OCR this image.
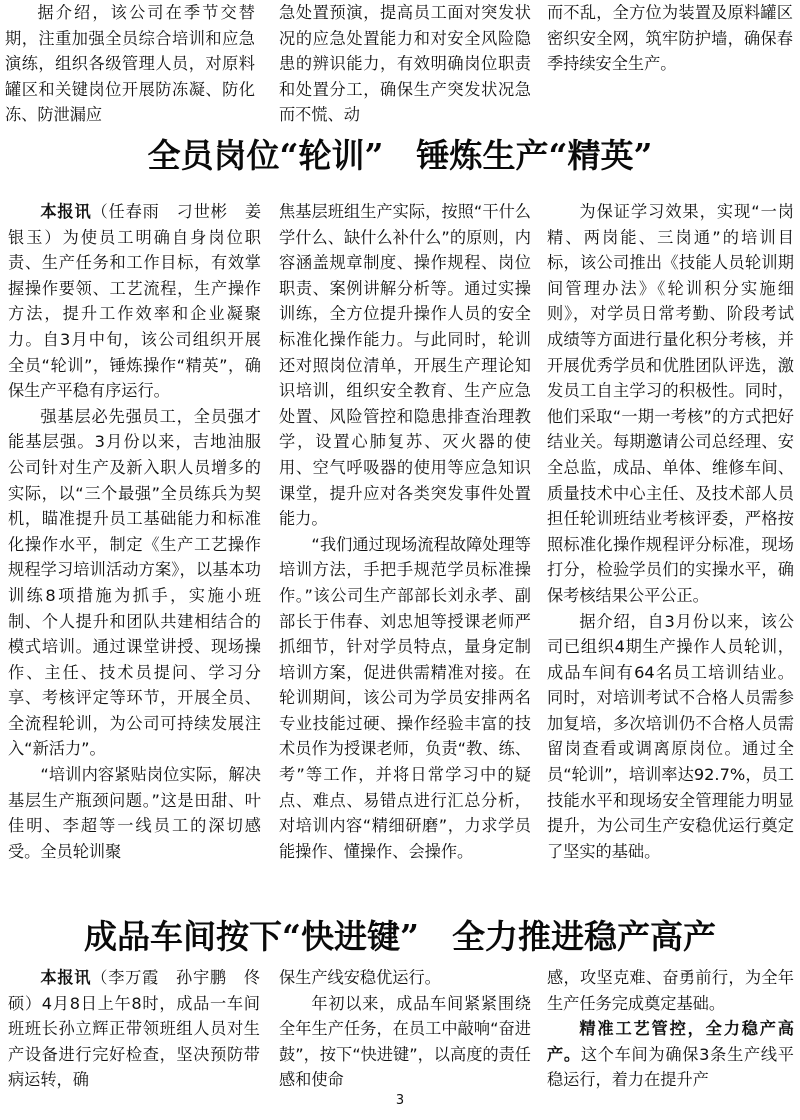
据介绍，该公司在季节交替期，注重加强全员综合培训和应急演练，组织各级管理人员，对原料罐区和关键岗位开展防冻凝、防化冻、防泄漏应

急处置预演，提高员工面对突发状况的应急处置能力和对安全风险隐患的辨识能力，有效明确岗位职责和处置分工，确保生产突发状况急而不慌、动

而不乱，全方位为装置及原料罐区密织安全网，筑牢防护墙，确保春季持续安全生产。

全员岗位“轮训”　锤炼生产“精英”

本报讯（任春雨　刁世彬　姜银玉）为使员工明确自身岗位职责、生产任务和工作目标，有效掌握操作要领、工艺流程，生产操作方法，提升工作效率和企业凝聚力。自3月中旬，该公司组织开展全员“轮训”，锤炼操作“精英”，确保生产平稳有序运行。

强基层必先强员工，全员强才能基层强。3月份以来，吉地油服公司针对生产及新入职人员增多的实际，以“三个最强”全员练兵为契机，瞄准提升员工基础能力和标准化操作水平，制定《生产工艺操作规程学习培训活动方案》，以基本功训练8项措施为抓手，实施小班制、个人提升和团队共建相结合的模式培训。通过课堂讲授、现场操作、主任、技术员提问、学习分享、考核评定等环节，开展全员、全流程轮训，为公司可持续发展注入“新活力”。

“培训内容紧贴岗位实际，解决基层生产瓶颈问题。”这是田甜、叶佳明、李超等一线员工的深切感受。全员轮训聚

焦基层班组生产实际，按照“干什么学什么、缺什么补什么”的原则，内容涵盖规章制度、操作规程、岗位职责、案例讲解分析等。通过实操训练，全方位提升操作人员的安全标准化操作能力。与此同时，轮训还对照岗位清单，开展生产理论知识培训，组织安全教育、生产应急处置、风险管控和隐患排查治理教学，设置心肺复苏、灭火器的使用、空气呼吸器的使用等应急知识课堂，提升应对各类突发事件处置能力。

“我们通过现场流程故障处理等培训方法，手把手规范学员标准操作。”该公司生产部部长刘永孝、副部长于伟春、刘忠旭等授课老师严抓细节，针对学员特点，量身定制培训方案，促进供需精准对接。在轮训期间，该公司为学员安排两名专业技能过硬、操作经验丰富的技术员作为授课老师，负责“教、练、考”等工作，并将日常学习中的疑点、难点、易错点进行汇总分析，对培训内容“精细研磨”，力求学员能操作、懂操作、会操作。

为保证学习效果，实现“一岗精、两岗能、三岗通”的培训目标，该公司推出《技能人员轮训期间管理办法》《轮训积分实施细则》，对学员日常考勤、阶段考试成绩等方面进行量化积分考核，并开展优秀学员和优胜团队评选，激发员工自主学习的积极性。同时，他们采取“一期一考核”的方式把好结业关。每期邀请公司总经理、安全总监，成品、单体、维修车间、质量技术中心主任、及技术部人员担任轮训班结业考核评委，严格按照标准化操作规程评分标准，现场打分，检验学员们的实操水平，确保考核结果公平公正。

据介绍，自3月份以来，该公司已组织4期生产操作人员轮训，成品车间有64名员工培训结业。同时，对培训考试不合格人员需参加复培，多次培训仍不合格人员需留岗查看或调离原岗位。通过全员“轮训”，培训率达92.7%，员工技能水平和现场安全管理能力明显提升，为公司生产安稳优运行奠定了坚实的基础。

成品车间按下“快进键”　全力推进稳产高产

本报讯（李万霞　孙宇鹏　佟硕）4月8日上午8时，成品一车间班班长孙立辉正带领班组人员对生产设备进行完好检查，坚决预防带病运转，确

保生产线安稳优运行。

年初以来，成品车间紧紧围绕全年生产任务，在员工中敲响“奋进鼓”，按下“快进键”，以高度的责任感和使命

感，攻坚克难、奋勇前行，为全年生产任务完成奠定基础。

精准工艺管控，全力稳产高产。这个车间为确保3条生产线平稳运行，着力在提升产

3
